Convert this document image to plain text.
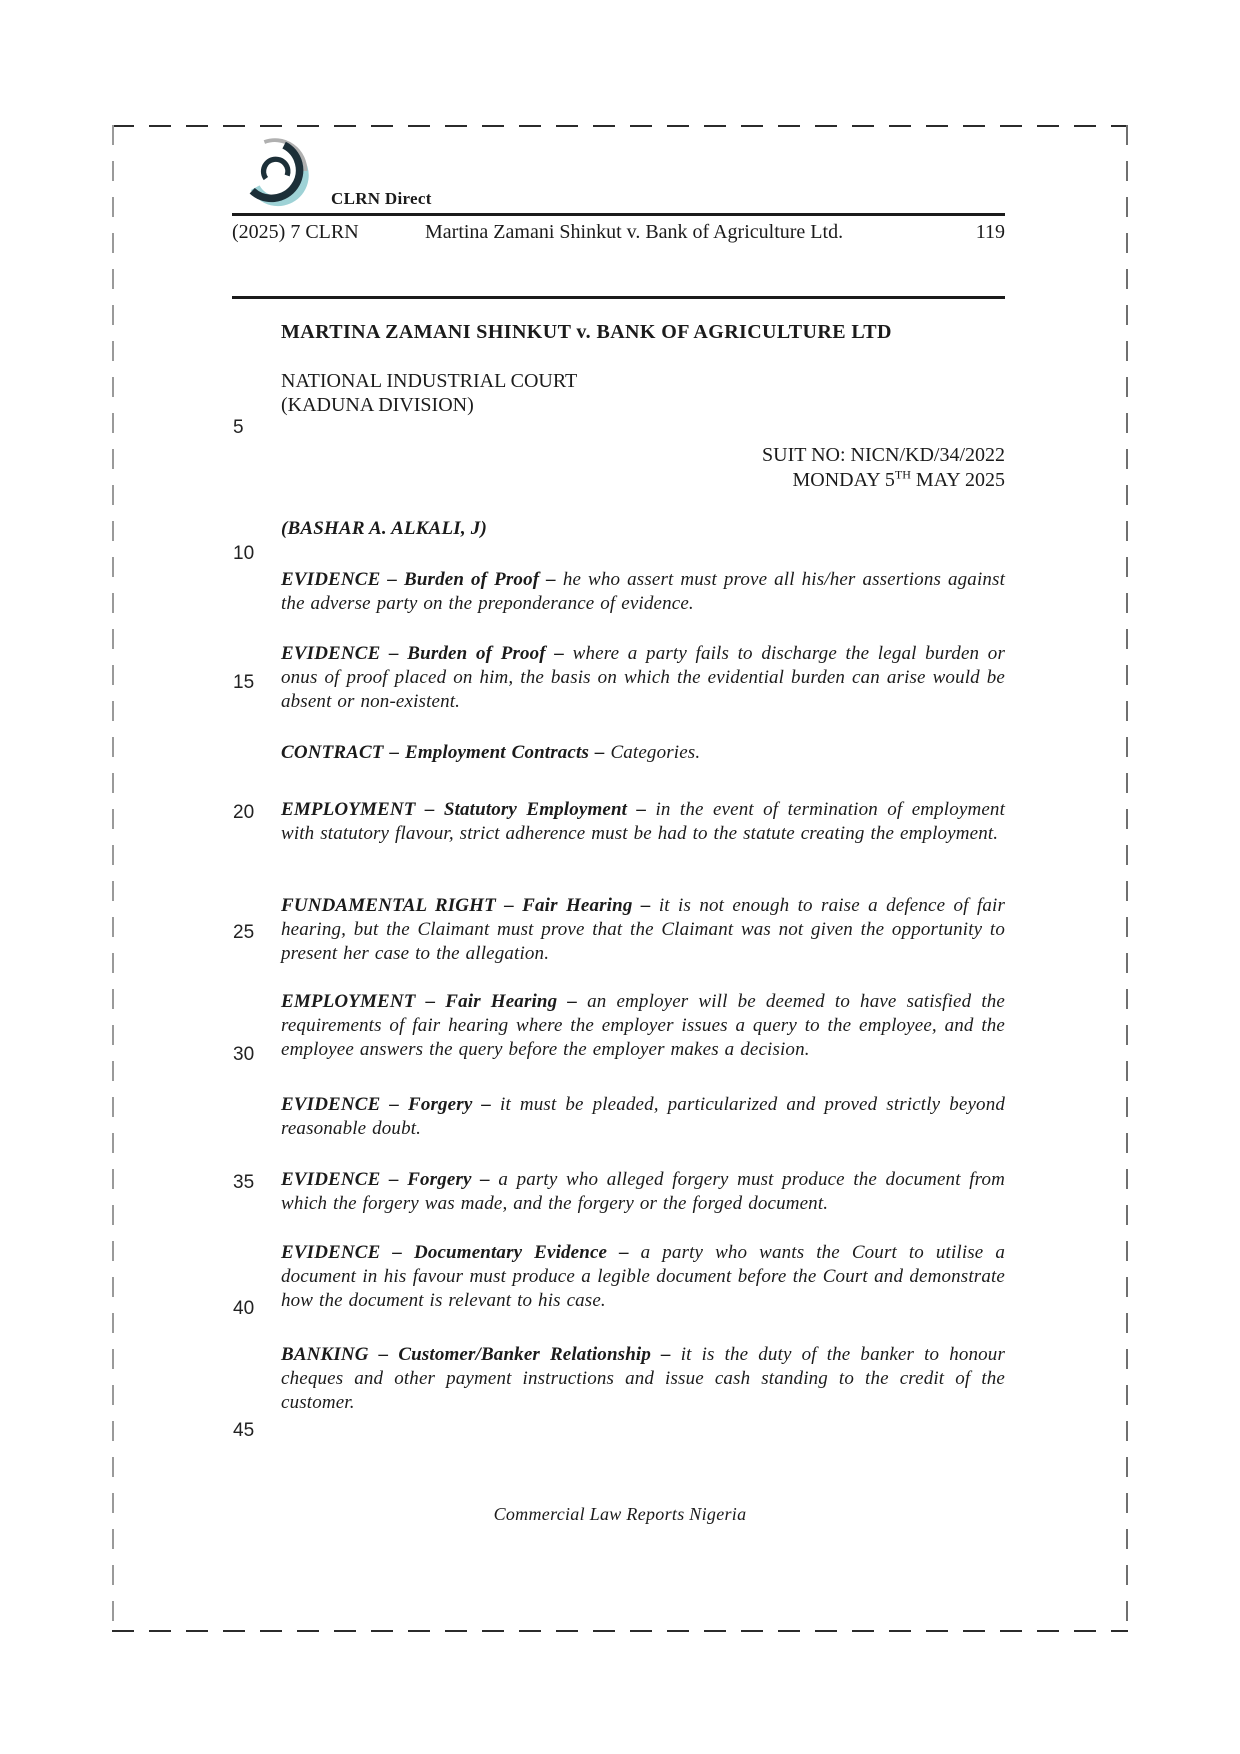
CLRN Direct
(2025) 7 CLRN	Martina Zamani Shinkut v. Bank of Agriculture Ltd.	119
MARTINA ZAMANI SHINKUT v. BANK OF AGRICULTURE LTD
NATIONAL INDUSTRIAL COURT
(KADUNA DIVISION)
SUIT NO: NICN/KD/34/2022
MONDAY 5TH MAY 2025
(BASHAR A. ALKALI, J)
5
10
15
20
25
30
35
40
45
EVIDENCE – Burden of Proof – he who assert must prove all his/her assertions against the adverse party on the preponderance of evidence.
EVIDENCE – Burden of Proof – where a party fails to discharge the legal burden or onus of proof placed on him, the basis on which the evidential burden can arise would be absent or non-existent.
CONTRACT – Employment Contracts – Categories.
EMPLOYMENT – Statutory Employment – in the event of termination of employment with statutory flavour, strict adherence must be had to the statute creating the employment.
FUNDAMENTAL RIGHT – Fair Hearing – it is not enough to raise a defence of fair hearing, but the Claimant must prove that the Claimant was not given the opportunity to present her case to the allegation.
EMPLOYMENT – Fair Hearing – an employer will be deemed to have satisfied the requirements of fair hearing where the employer issues a query to the employee, and the employee answers the query before the employer makes a decision.
EVIDENCE – Forgery – it must be pleaded, particularized and proved strictly beyond reasonable doubt.
EVIDENCE – Forgery – a party who alleged forgery must produce the document from which the forgery was made, and the forgery or the forged document.
EVIDENCE – Documentary Evidence – a party who wants the Court to utilise a document in his favour must produce a legible document before the Court and demonstrate how the document is relevant to his case.
BANKING – Customer/Banker Relationship – it is the duty of the banker to honour cheques and other payment instructions and issue cash standing to the credit of the customer.
Commercial Law Reports Nigeria
